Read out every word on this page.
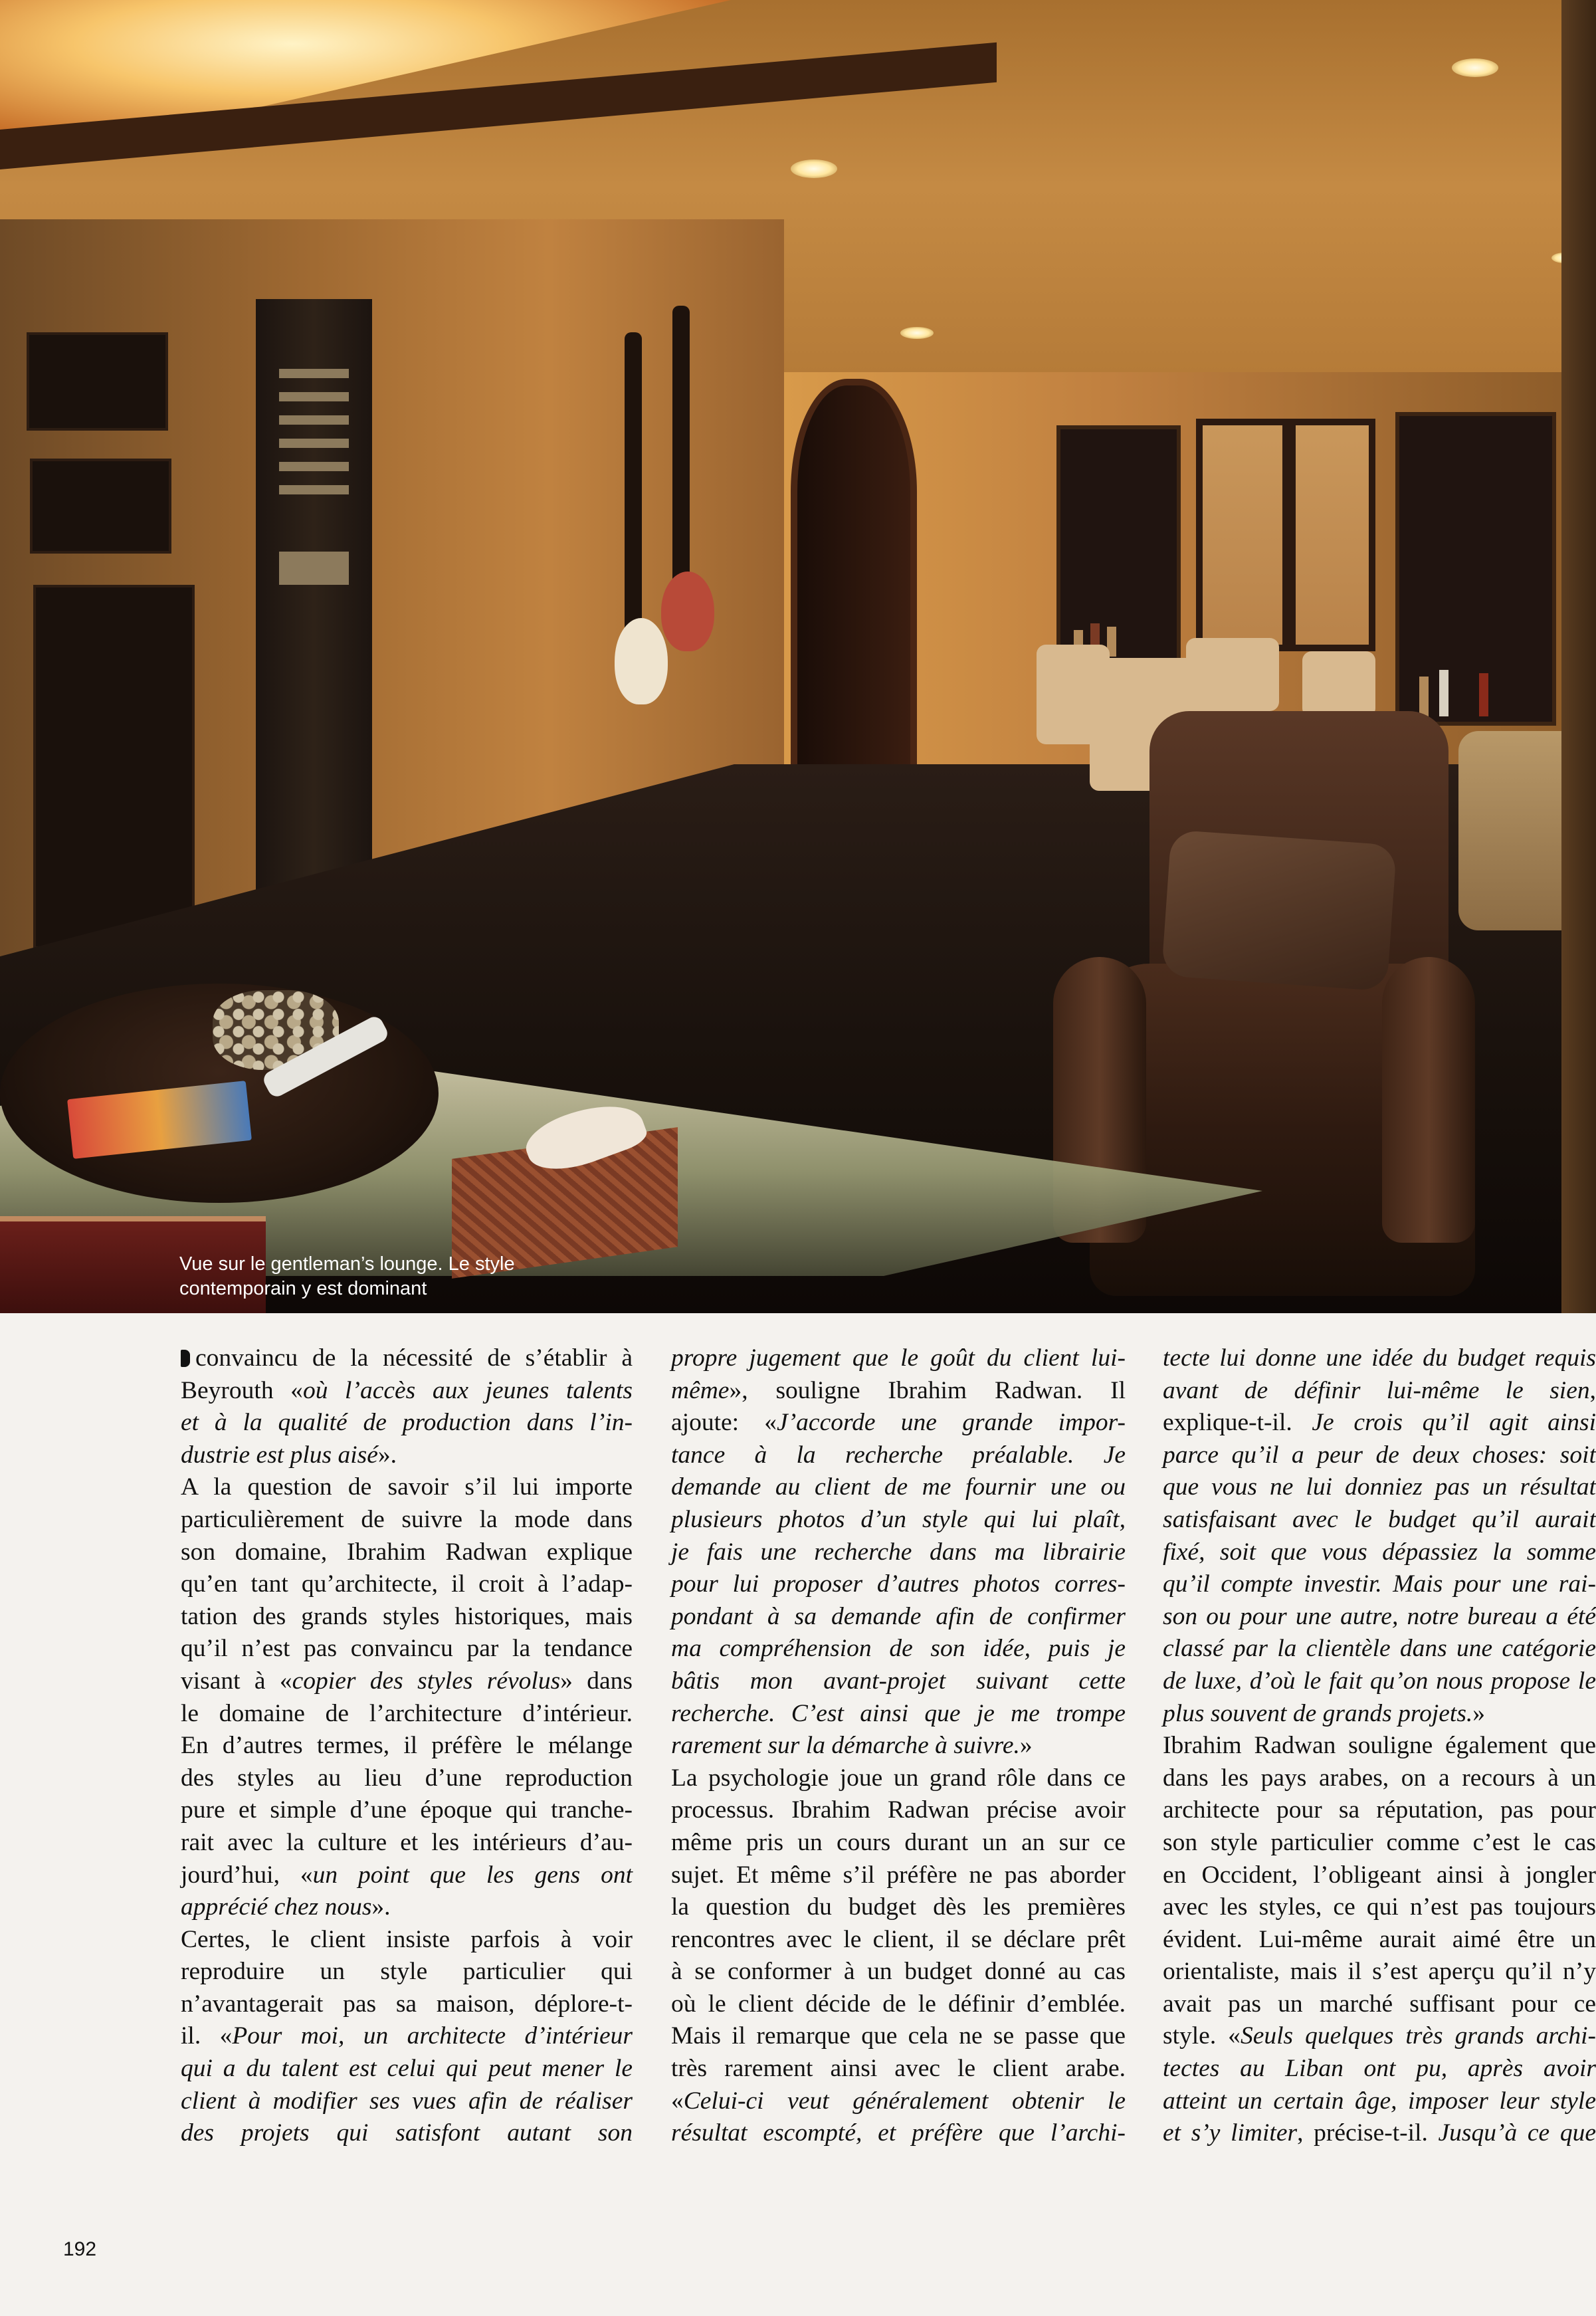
Vue sur le gentleman’s lounge. Le style
contemporain y est dominant
convaincu de la nécessité de s’établir à
Beyrouth «où l’accès aux jeunes talents
et à la qualité de production dans l’in-
dustrie est plus aisé».
A la question de savoir s’il lui importe
particulièrement de suivre la mode dans
son domaine, Ibrahim Radwan explique
qu’en tant qu’architecte, il croit à l’adap-
tation des grands styles historiques, mais
qu’il n’est pas convaincu par la tendance
visant à «copier des styles révolus» dans
le domaine de l’architecture d’intérieur.
En d’autres termes, il préfère le mélange
des styles au lieu d’une reproduction
pure et simple d’une époque qui tranche-
rait avec la culture et les intérieurs d’au-
jourd’hui, «un point que les gens ont
apprécié chez nous».
Certes, le client insiste parfois à voir
reproduire un style particulier qui
n’avantagerait pas sa maison, déplore-t-
il. «Pour moi, un architecte d’intérieur
qui a du talent est celui qui peut mener le
client à modifier ses vues afin de réaliser
des projets qui satisfont autant son
propre jugement que le goût du client lui-
même», souligne Ibrahim Radwan. Il
ajoute: «J’accorde une grande impor-
tance à la recherche préalable. Je
demande au client de me fournir une ou
plusieurs photos d’un style qui lui plaît,
je fais une recherche dans ma librairie
pour lui proposer d’autres photos corres-
pondant à sa demande afin de confirmer
ma compréhension de son idée, puis je
bâtis mon avant-projet suivant cette
recherche. C’est ainsi que je me trompe
rarement sur la démarche à suivre.»
La psychologie joue un grand rôle dans ce
processus. Ibrahim Radwan précise avoir
même pris un cours durant un an sur ce
sujet. Et même s’il préfère ne pas aborder
la question du budget dès les premières
rencontres avec le client, il se déclare prêt
à se conformer à un budget donné au cas
où le client décide de le définir d’emblée.
Mais il remarque que cela ne se passe que
très rarement ainsi avec le client arabe.
«Celui-ci veut généralement obtenir le
résultat escompté, et préfère que l’archi-
tecte lui donne une idée du budget requis
avant de définir lui-même le sien,
explique-t-il. Je crois qu’il agit ainsi
parce qu’il a peur de deux choses: soit
que vous ne lui donniez pas un résultat
satisfaisant avec le budget qu’il aurait
fixé, soit que vous dépassiez la somme
qu’il compte investir. Mais pour une rai-
son ou pour une autre, notre bureau a été
classé par la clientèle dans une catégorie
de luxe, d’où le fait qu’on nous propose le
plus souvent de grands projets.»
Ibrahim Radwan souligne également que
dans les pays arabes, on a recours à un
architecte pour sa réputation, pas pour
son style particulier comme c’est le cas
en Occident, l’obligeant ainsi à jongler
avec les styles, ce qui n’est pas toujours
évident. Lui-même aurait aimé être un
orientaliste, mais il s’est aperçu qu’il n’y
avait pas un marché suffisant pour ce
style. «Seuls quelques très grands archi-
tectes au Liban ont pu, après avoir
atteint un certain âge, imposer leur style
et s’y limiter, précise-t-il. Jusqu’à ce que
192
